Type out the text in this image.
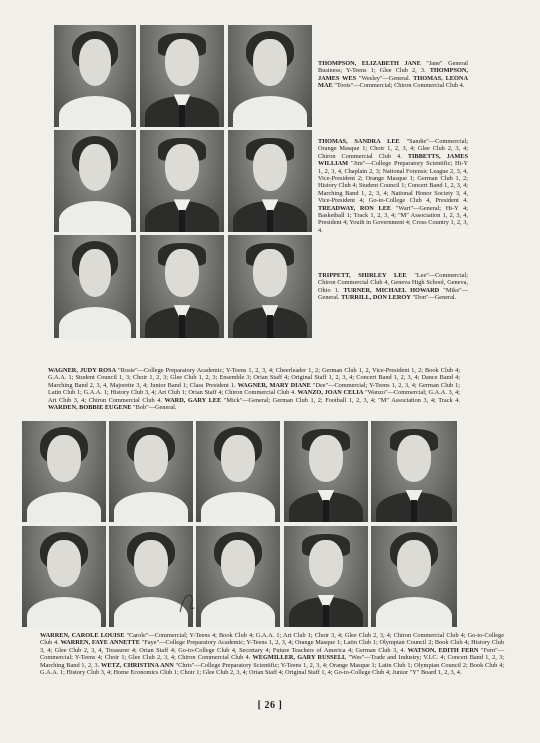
THOMPSON, ELIZABETH JANE "Jane" General Business; Y-Teens 1; Glee Club 2, 3. THOMPSON, JAMES WES "Wesley"—General. THOMAS, LEONA MAE "Toots"—Commercial; Chiron Commercial Club 4.
THOMAS, SANDRA LEE "Sandie"—Commercial; Orange Masque 1; Choir 1, 2, 3, 4; Glee Club 2, 3, 4; Chiron Commercial Club 4. TIBBETTS, JAMES WILLIAM "Jim"—College Preparatory Scientific; Hi-Y 1, 2, 3, 4, Chaplain 2, 3; National Forensic League 2, 3, 4, Vice-President 2; Orange Masque 1; German Club 1, 2; History Club 4; Student Council 1; Concert Band 1, 2, 3, 4; Marching Band 1, 2, 3, 4; National Honor Society 3, 4, Vice-President 4; Go-to-College Club 4, President 4. TREADWAY, RON LEE "Wart"—General; Hi-Y 4; Basketball 1; Track 1, 2, 3, 4; "M" Association 1, 2, 3, 4, President 4; Youth in Government 4; Cross Country 1, 2, 3, 4.
TRIPPETT, SHIRLEY LEE "Lee"—Commercial; Chiron Commercial Club 4, Geneva High School, Geneva, Ohio 1. TURNER, MICHAEL HOWARD "Mike"—General. TURRILL, DON LEROY "Don"—General.
WAGNER, JUDY ROSA "Rosie"—College Preparatory Academic; Y-Teens 1, 2, 3, 4; Cheerleader 1, 2; German Club 1, 2, Vice-President 1, 2; Book Club 4; G.A.A. 1; Student Council 1, 3; Choir 1, 2, 3; Glee Club 1, 2, 3; Ensemble 3; Orian Staff 4; Original Staff 1, 2, 3, 4; Concert Band 1, 2, 3, 4; Dance Band 4; Marching Band 2, 3, 4, Majorette 3, 4; Junior Band 1; Class President 1. WAGNER, MARY DIANE "Dee"—Commercial; Y-Teens 1, 2, 3, 4; German Club 1; Latin Club 1; G.A.A. 1; History Club 3, 4; Art Club 1; Orian Staff 4; Chiron Commercial Club 4. WANZO, JOAN CELIA "Wanzo"—Commercial; G.A.A. 3, 4; Art Club 3, 4; Chiron Commercial Club 4. WARD, GARY LEE "Mick"—General; German Club 1, 2; Football 1, 2, 3, 4; "M" Association 3, 4; Track 4. WARDEN, BOBBIE EUGENE "Bob"—General.
WARREN, CAROLE LOUISE "Carole"—Commercial; Y-Teens 4; Book Club 4; G.A.A. 1; Art Club 1; Choir 3, 4; Glee Club 2, 3, 4; Chiron Commercial Club 4; Go-to-College Club 4. WARREN, FAYE ANNETTE "Faye"—College Preparatory Academic; Y-Teens 1, 2, 3, 4; Orange Masque 1; Latin Club 1; Olympian Council 2; Book Club 4; History Club 3, 4; Glee Club 2, 3, 4, Treasurer 4; Orian Staff 4; Go-to-College Club 4, Secretary 4; Future Teachers of America 4; German Club 3, 4. WATSON, EDITH FERN "Fern"—Commercial; Y-Teens 4; Choir 1; Glee Club 2, 3, 4; Chiron Commercial Club 4. WEGMILLER, GARY RUSSELL "Wes"—Trade and Industry; V.I.C. 4; Concert Band 1, 2, 3; Marching Band 1, 2, 3. WETZ, CHRISTINA ANN "Chris"—College Preparatory Scientific; Y-Teens 1, 2, 3, 4; Orange Masque 1; Latin Club 1; Olympian Council 2; Book Club 4; G.A.A. 1; History Club 3, 4; Home Economics Club 1; Choir 1; Glee Club 2, 3, 4; Orian Staff 4; Original Staff 1, 4; Go-to-College Club 4; Junior "Y" Board 1, 2, 3, 4.
[ 26 ]
